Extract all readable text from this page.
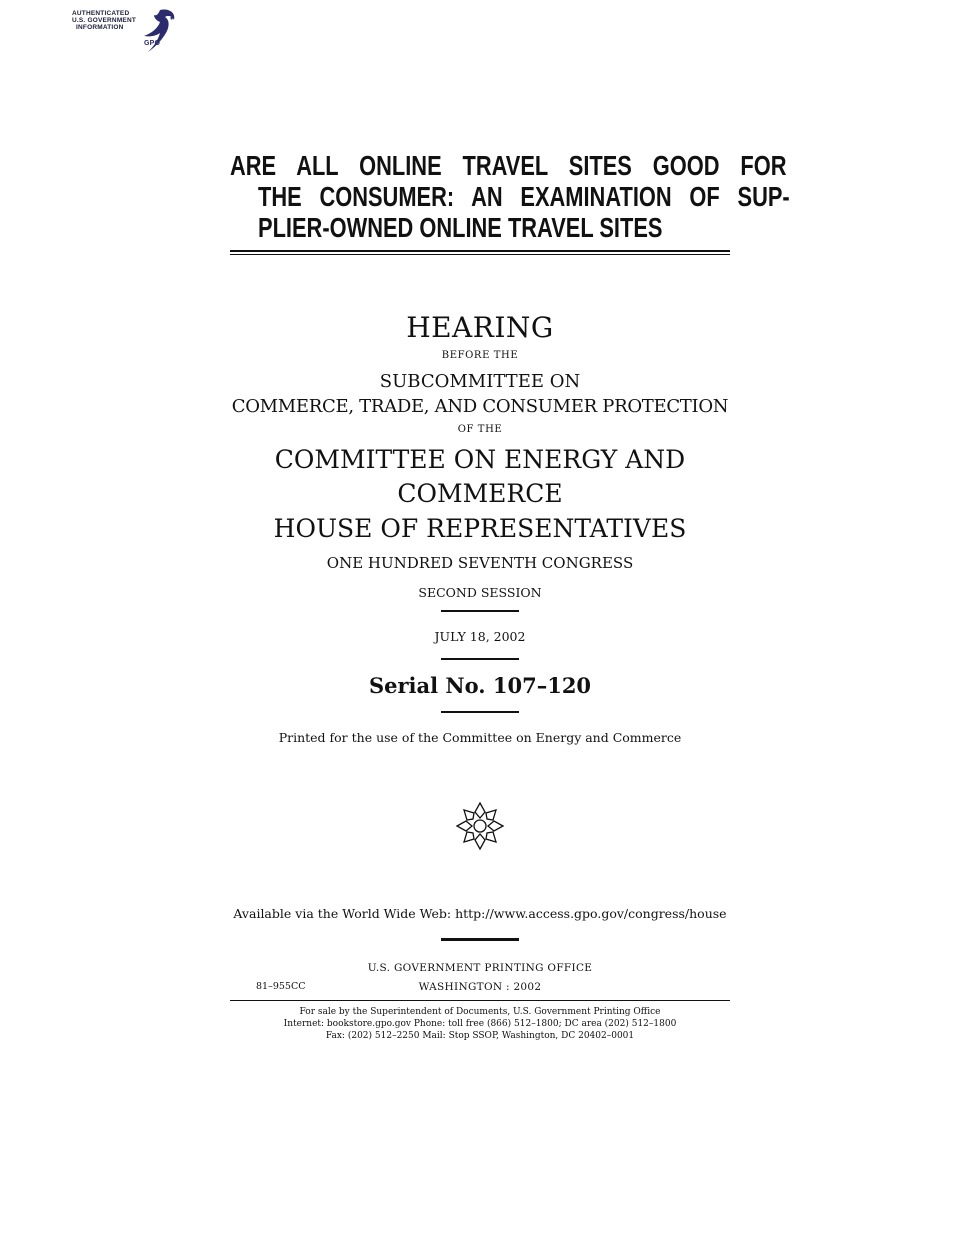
AUTHENTICATED
U.S. GOVERNMENT
INFORMATION
GPO
ARE ALL ONLINE TRAVEL SITES GOOD FOR
THE CONSUMER: AN EXAMINATION OF SUP-
PLIER-OWNED ONLINE TRAVEL SITES
HEARING
BEFORE THE
SUBCOMMITTEE ON
COMMERCE, TRADE, AND CONSUMER PROTECTION
OF THE
COMMITTEE ON ENERGY AND
COMMERCE
HOUSE OF REPRESENTATIVES
ONE HUNDRED SEVENTH CONGRESS
SECOND SESSION
JULY 18, 2002
Serial No. 107–120
Printed for the use of the Committee on Energy and Commerce
Available via the World Wide Web: http://www.access.gpo.gov/congress/house
U.S. GOVERNMENT PRINTING OFFICE
81–955CC	WASHINGTON : 2002
For sale by the Superintendent of Documents, U.S. Government Printing Office
Internet: bookstore.gpo.gov Phone: toll free (866) 512–1800; DC area (202) 512–1800
Fax: (202) 512–2250 Mail: Stop SSOP, Washington, DC 20402–0001
